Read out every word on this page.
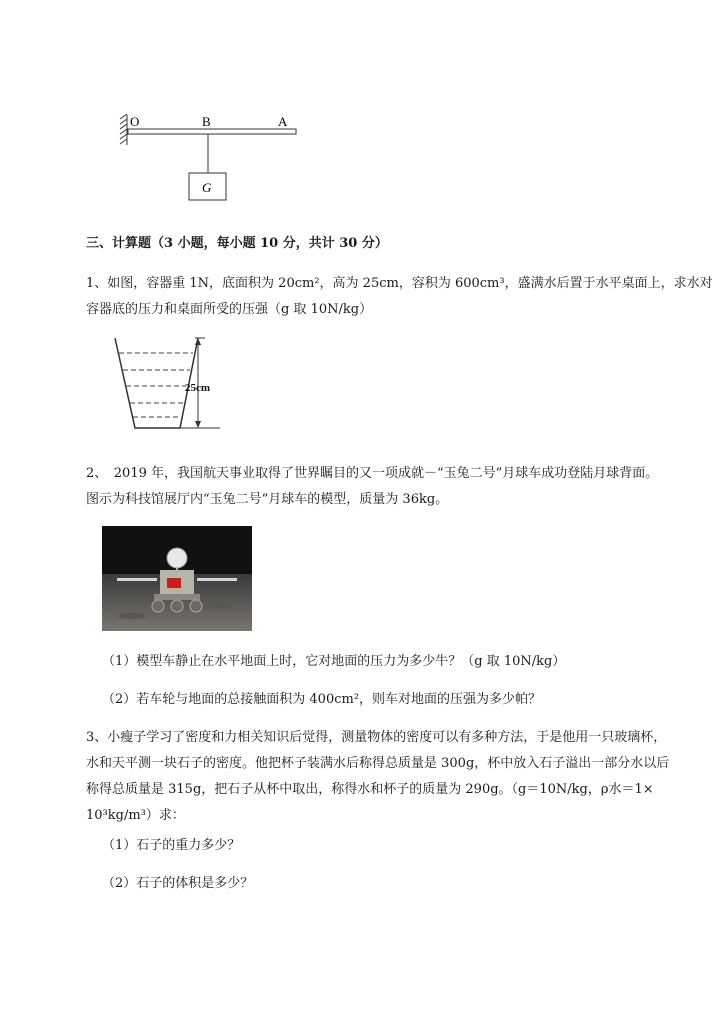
O	B	A
G
三、计算题（3 小题，每小题 10 分，共计 30 分）
1、如图，容器重 1N，底面积为 20cm²，高为 25cm，容积为 600cm³，盛满水后置于水平桌面上，求水对
容器底的压力和桌面所受的压强（g 取 10N/kg）
25cm
2、　2019 年，我国航天事业取得了世界瞩目的又一项成就－“玉兔二号”月球车成功登陆月球背面。
图示为科技馆展厅内“玉兔二号”月球车的模型，质量为 36kg。
（1）模型车静止在水平地面上时，它对地面的压力为多少牛？（g 取 10N/kg）
（2）若车轮与地面的总接触面积为 400cm²，则车对地面的压强为多少帕？
3、小瘦子学习了密度和力相关知识后觉得，测量物体的密度可以有多种方法，于是他用一只玻璃杯，
水和天平测一块石子的密度。他把杯子装满水后称得总质量是 300g，杯中放入石子溢出一部分水以后
称得总质量是 315g，把石子从杯中取出，称得水和杯子的质量为 290g。（g＝10N/kg，ρ水＝1×
10³kg/m³）求：
（1）石子的重力多少？
（2）石子的体积是多少？
